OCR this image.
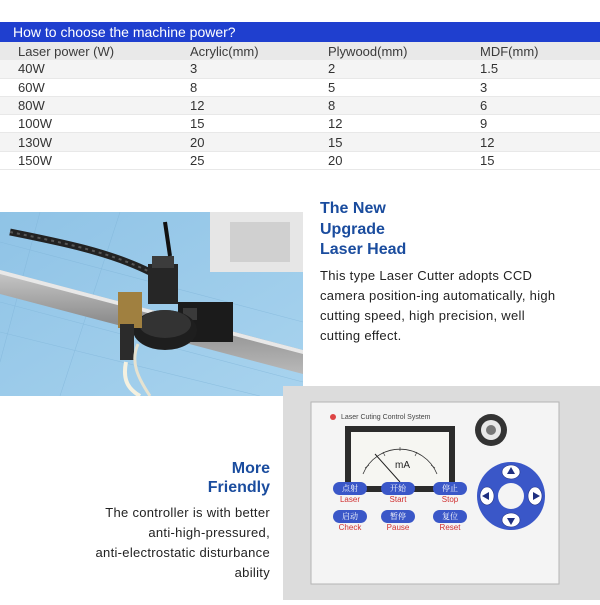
How to choose the machine power?
Laser power (W)	Acrylic(mm)	Plywood(mm)	MDF(mm)
40W	3	2	1.5
60W	8	5	3
80W	12	8	6
100W	15	12	9
130W	20	15	12
150W	25	20	15
The New
Upgrade
Laser Head
This type Laser Cutter adopts CCD
camera position-ing automatically, high
cutting speed, high precision, well
cutting effect.
Laser Cuting Control System
mA
点射
Laser
开始
Start
停止
Stop
启动
Check
暂停
Pause
复位
Reset
More
Friendly
The controller is with better
anti-high-pressured,
anti-electrostatic disturbance
ability
